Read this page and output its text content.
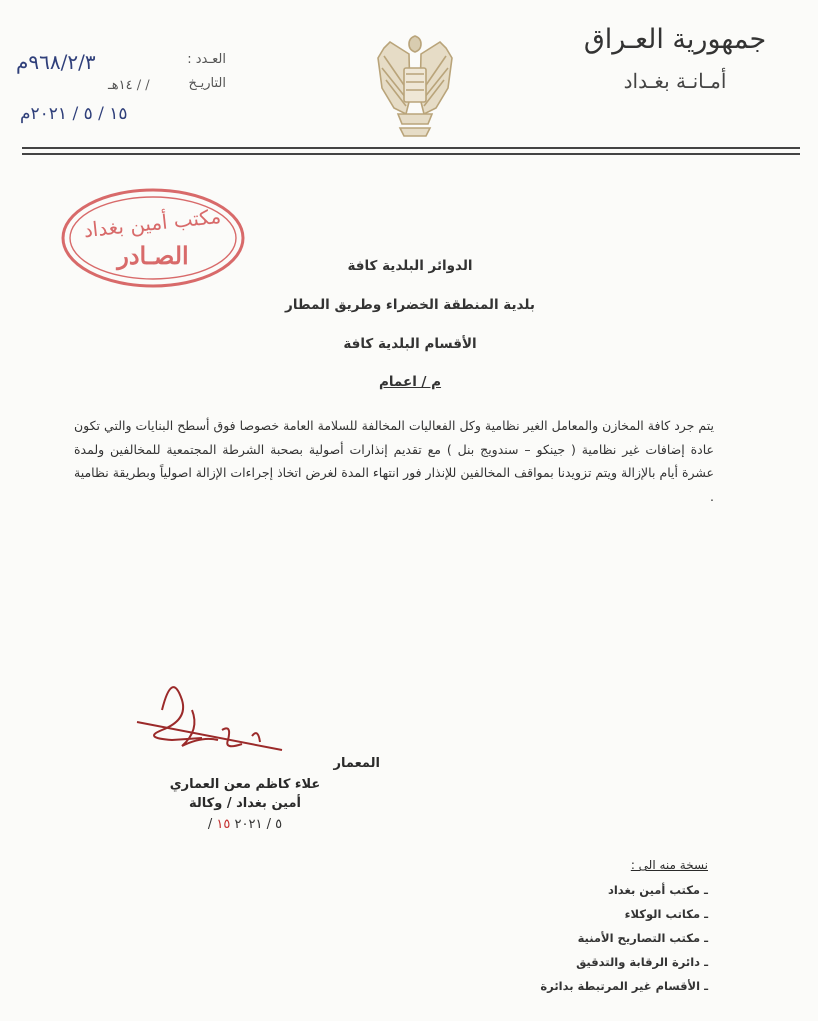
جمهورية العـراق
أمـانـة بغـداد
العـدد :
٩٦٨/٢/٣م
التاريـخ
/ / ١٤هـ
١٥ / ٥ / ٢٠٢١م
مكتب أمين بغداد
الصـادر	الدوائر البلدية كافة
بلدية المنطقة الخضراء وطريق المطار
الأقسام البلدية كافة
م / اعمام
يتم جرد كافة المخازن والمعامل الغير نظامية وكل الفعاليات المخالفة للسلامة العامة خصوصا فوق أسطح البنايات والتي تكون عادة إضافات غير نظامية ( جينكو – سندويج بنل ) مع تقديم إنذارات أصولية بصحبة الشرطة المجتمعية للمخالفين ولمدة عشرة أيام بالإزالة ويتم تزويدنا بمواقف المخالفين للإنذار فور انتهاء المدة لغرض اتخاذ إجراءات الإزالة اصولياً وبطريقة نظامية .
المعمار
علاء كاظم معن العماري
أمين بغداد / وكالة
/ ٥ / ٢٠٢١ ١٥
نسخة منه الى :
ـ مكتب أمين بغداد
ـ مكاتب الوكلاء
ـ مكتب التصاريح الأمنية
ـ دائرة الرقابة والتدقيق
ـ الأقسام غير المرتبطة بدائرة
